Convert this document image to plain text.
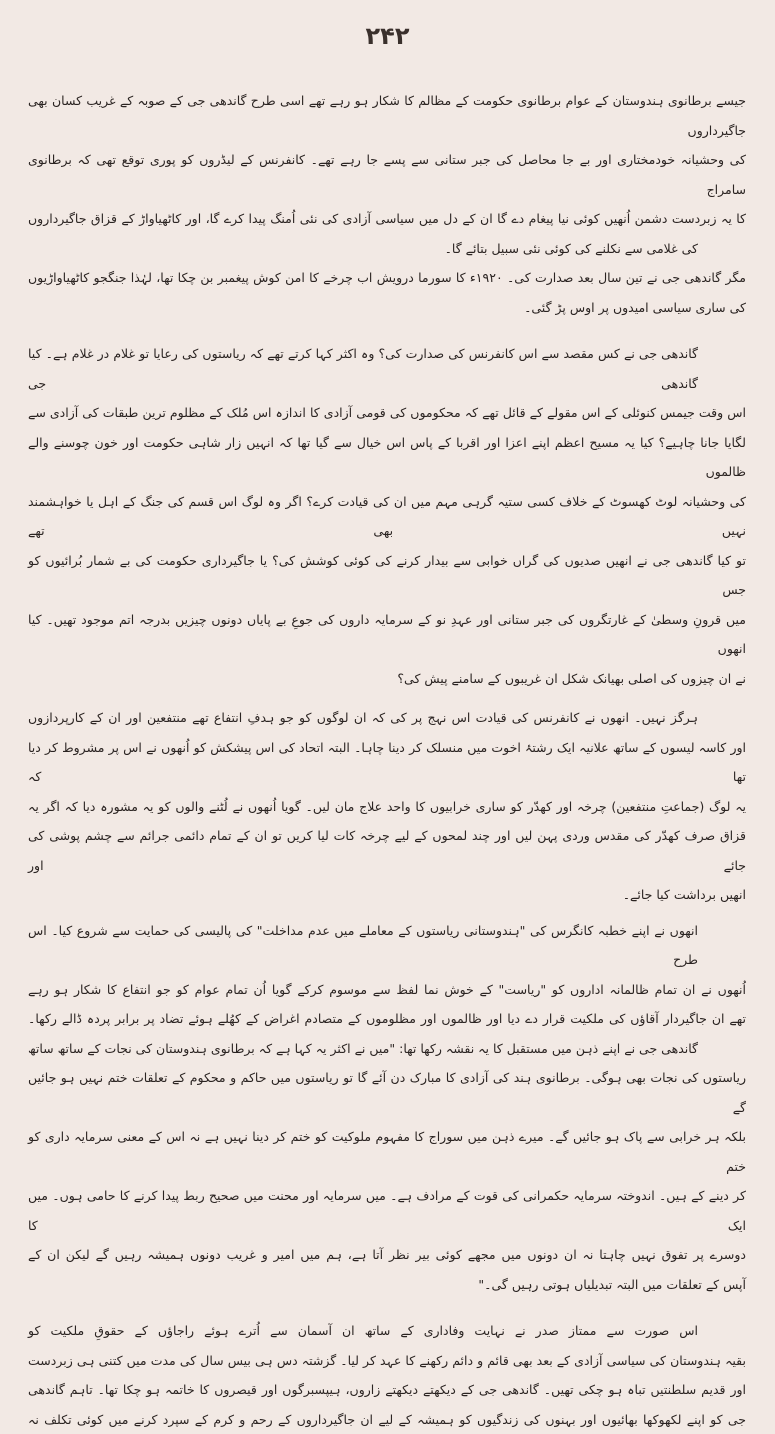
۲۴۲
جیسے برطانوی ہندوستان کے عوام برطانوی حکومت کے مظالم کا شکار ہو رہے تھے اسی طرح گاندھی جی کے صوبہ کے غریب کسان بھی جاگیرداروں
کی وحشیانہ خودمختاری اور بے جا محاصل کی جبر ستانی سے پسے جا رہے تھے۔ کانفرنس کے لیڈروں کو پوری توقع تھی کہ برطانوی سامراج
کا یہ زبردست دشمن اُنھیں کوئی نیا پیغام دے گا ان کے دل میں سیاسی آزادی کی نئی اُمنگ پیدا کرے گا، اور کاٹھیاواڑ کے قزاق جاگیرداروں
کی غلامی سے نکلنے کی کوئی نئی سبیل بتائے گا۔
مگر گاندھی جی نے تین سال بعد صدارت کی۔ ۱۹۲۰ء کا سورما درویش اب چرخے کا امن کوش پیغمبر بن چکا تھا، لہٰذا جنگجو کاٹھیاواڑیوں
کی ساری سیاسی امیدوں پر اوس پڑ گئی۔
گاندھی جی نے کس مقصد سے اس کانفرنس کی صدارت کی؟ وہ اکثر کہا کرتے تھے کہ ریاستوں کی رعایا تو غلام در غلام ہے۔ کیا گاندھی جی
اس وقت جیمس کنوئلی کے اس مقولے کے قائل تھے کہ محکوموں کی قومی آزادی کا اندازہ اس مُلک کے مظلوم ترین طبقات کی آزادی سے
لگایا جانا چاہیے؟ کیا یہ مسیح اعظم اپنے اعزا اور اقربا کے پاس اس خیال سے گیا تھا کہ انہیں زار شاہی حکومت اور خون چوسنے والے ظالموں
کی وحشیانہ لوٹ کھسوٹ کے خلاف کسی ستیہ گرہی مہم میں ان کی قیادت کرے؟ اگر وہ لوگ اس قسم کی جنگ کے اہل یا خواہشمند نہیں بھی تھے
تو کیا گاندھی جی نے انھیں صدیوں کی گراں خوابی سے بیدار کرنے کی کوئی کوشش کی؟ یا جاگیرداری حکومت کی بے شمار بُرائیوں کو جس
میں قرونِ وسطیٰ کے غارتگروں کی جبر ستانی اور عہدِ نو کے سرمایہ داروں کی جوعِ بے پایاں دونوں چیزیں بدرجہ اتم موجود تھیں۔ کیا انھوں
نے ان چیزوں کی اصلی بھیانک شکل ان غریبوں کے سامنے پیش کی؟
ہرگز نہیں۔ انھوں نے کانفرنس کی قیادت اس نہج پر کی کہ ان لوگوں کو جو ہدفِ انتفاع تھے منتفعین اور ان کے کارپردازوں
اور کاسہ لیسوں کے ساتھ علانیہ ایک رشتۂ اخوت میں منسلک کر دینا چاہا۔ البتہ اتحاد کی اس پیشکش کو اُنھوں نے اس پر مشروط کر دیا تھا کہ
یہ لوگ (جماعتِ منتفعین) چرخہ اور کھدّر کو ساری خرابیوں کا واحد علاج مان لیں۔ گویا اُنھوں نے لُٹنے والوں کو یہ مشورہ دیا کہ اگر یہ
قزاق صرف کھدّر کی مقدس وردی پہن لیں اور چند لمحوں کے لیے چرخہ کات لیا کریں تو ان کے تمام دائمی جرائم سے چشم پوشی کی جائے اور
انھیں برداشت کیا جائے۔
انھوں نے اپنے خطبہ کانگرس کی "ہندوستانی ریاستوں کے معاملے میں عدم مداخلت" کی پالیسی کی حمایت سے شروع کیا۔ اس طرح
اُنھوں نے ان تمام ظالمانہ اداروں کو "ریاست" کے خوش نما لفظ سے موسوم کرکے گویا اُن تمام عوام کو جو انتفاع کا شکار ہو رہے
تھے ان جاگیردار آقاؤں کی ملکیت قرار دے دیا اور ظالموں اور مظلوموں کے متصادم اغراض کے کھُلے ہوئے تضاد پر برابر پردہ ڈالے رکھا۔
گاندھی جی نے اپنے ذہن میں مستقبل کا یہ نقشہ رکھا تھا: "میں نے اکثر یہ کہا ہے کہ برطانوی ہندوستان کی نجات کے ساتھ ساتھ
ریاستوں کی نجات بھی ہوگی۔ برطانوی ہند کی آزادی کا مبارک دن آئے گا تو ریاستوں میں حاکم و محکوم کے تعلقات ختم نہیں ہو جائیں گے
بلکہ ہر خرابی سے پاک ہو جائیں گے۔ میرے ذہن میں سوراج کا مفہوم ملوکیت کو ختم کر دینا نہیں ہے نہ اس کے معنی سرمایہ داری کو ختم
کر دینے کے ہیں۔ اندوختہ سرمایہ حکمرانی کی قوت کے مرادف ہے۔ میں سرمایہ اور محنت میں صحیح ربط پیدا کرنے کا حامی ہوں۔ میں ایک کا
دوسرے پر تفوق نہیں چاہتا نہ ان دونوں میں مجھے کوئی بیر نظر آتا ہے، ہم میں امیر و غریب دونوں ہمیشہ رہیں گے لیکن ان کے
آپس کے تعلقات میں البتہ تبدیلیاں ہوتی رہیں گی۔"
اس صورت سے ممتاز صدر نے نہایت وفاداری کے ساتھ ان آسمان سے اُترے ہوئے راجاؤں کے حقوقِ ملکیت کو
بقیہ ہندوستان کی سیاسی آزادی کے بعد بھی قائم و دائم رکھنے کا عہد کر لیا۔ گزشتہ دس ہی بیس سال کی مدت میں کتنی ہی زبردست
اور قدیم سلطنتیں تباہ ہو چکی تھیں۔ گاندھی جی کے دیکھتے دیکھتے زاروں، ہیپسبرگوں اور قیصروں کا خاتمہ ہو چکا تھا۔ تاہم گاندھی
جی کو اپنے لکھوکھا بھائیوں اور بہنوں کی زندگیوں کو ہمیشہ کے لیے ان جاگیرداروں کے رحم و کرم کے سپرد کرنے میں کوئی تکلف نہ
